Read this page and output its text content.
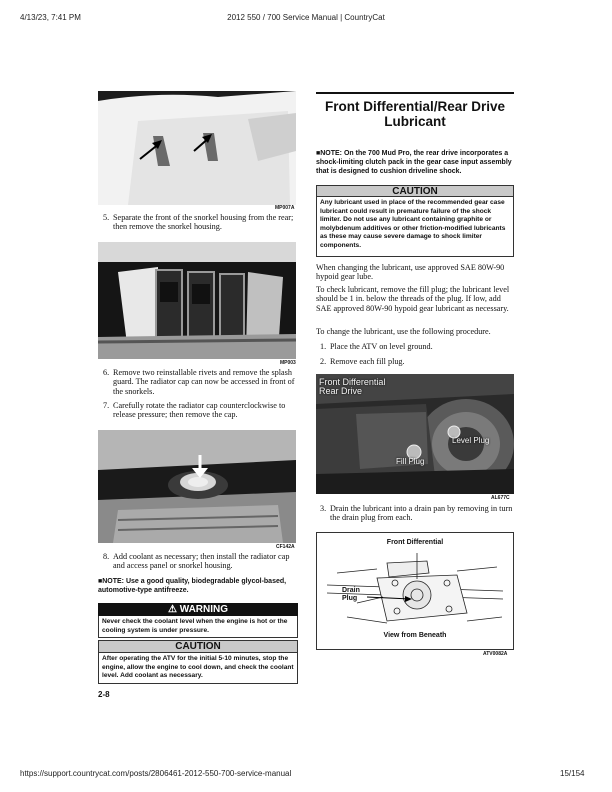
4/13/23, 7:41 PM	2012 550 / 700 Service Manual | CountryCat
https://support.countrycat.com/posts/2806461-2012-550-700-service-manual	15/154
MP007A
5. Separate the front of the snorkel housing from the rear; then remove the snorkel housing.
MP003
6. Remove two reinstallable rivets and remove the splash guard. The radiator cap can now be accessed in front of the snorkels.
7. Carefully rotate the radiator cap counterclockwise to release pressure; then remove the cap.
CF142A
8. Add coolant as necessary; then install the radiator cap and access panel or snorkel housing.
■NOTE: Use a good quality, biodegradable glycol-based, automotive-type antifreeze.
⚠ WARNING
Never check the coolant level when the engine is hot or the cooling system is under pressure.
CAUTION
After operating the ATV for the initial 5-10 minutes, stop the engine, allow the engine to cool down, and check the coolant level. Add coolant as necessary.
2-8
Front Differential/Rear Drive Lubricant
■NOTE: On the 700 Mud Pro, the rear drive incorporates a shock-limiting clutch pack in the gear case input assembly that is designed to cushion driveline shock.
CAUTION
Any lubricant used in place of the recommended gear case lubricant could result in premature failure of the shock limiter. Do not use any lubricant containing graphite or molybdenum additives or other friction-modified lubricants as these may cause severe damage to shock limiter components.
When changing the lubricant, use approved SAE 80W-90 hypoid gear lube.
To check lubricant, remove the fill plug; the lubricant level should be 1 in. below the threads of the plug. If low, add SAE approved 80W-90 hypoid gear lubricant as necessary.
To change the lubricant, use the following procedure.
1. Place the ATV on level ground.
2. Remove each fill plug.
Front Differential
Rear Drive
Level Plug
Fill Plug
AL677C
3. Drain the lubricant into a drain pan by removing in turn the drain plug from each.
Front Differential
Drain Plug
View from Beneath
ATV0082A
